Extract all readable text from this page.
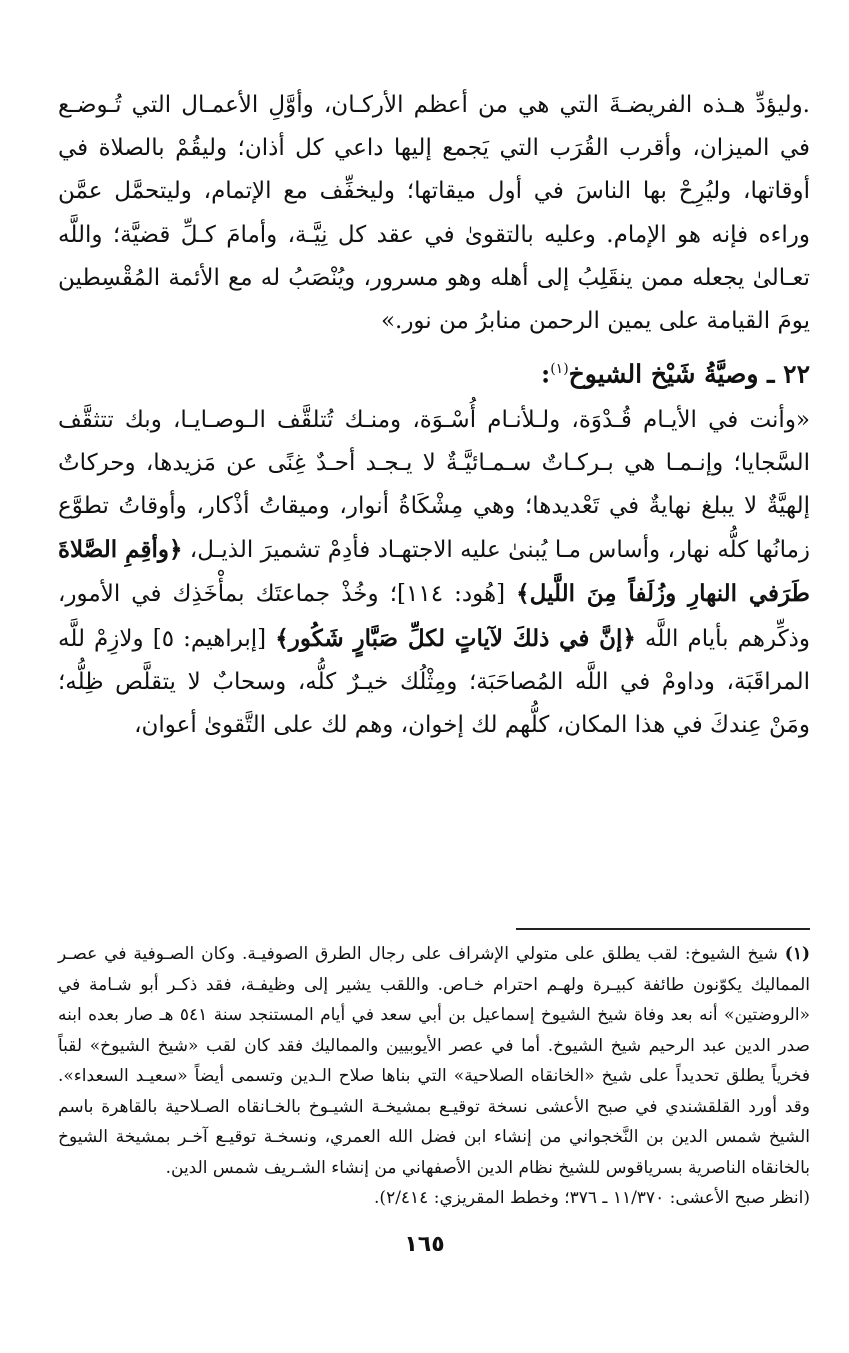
.وليؤدِّ هـذه الفريضـةَ التي هي من أعظم الأركـان، وأوَّلِ الأعمـال التي تُـوضـع في الميزان، وأقرب القُرَب التي يَجمع إليها داعي كل أذان؛ وليقُمْ بالصلاة في أوقاتها، وليُرِحْ بها الناسَ في أول ميقاتها؛ وليخفِّف مع الإتمام، وليتحمَّل عمَّن وراءه فإنه هو الإمام. وعليه بالتقوىٰ في عقد كل نِيَّـة، وأمامَ كـلِّ قضيَّة؛ واللَّه تعـالىٰ يجعله ممن ينقَلِبُ إلى أهله وهو مسرور، ويُنْصَبُ له مع الأئمة المُقْسِطين يومَ القيامة على يمين الرحمن منابرُ من نور.»

٢٢ ـ وصيَّةُ شَيْخ الشيوخ$^{(١)}$:

«وأنت في الأيـام قُـدْوَة، ولـلأنـام أُسْـوَة، ومنـك تُتلقَّف الـوصـايـا، وبك تتثقَّف السَّجايا؛ وإنـمـا هي بـركـاتٌ سـمـائيَّـةٌ لا يـجـد أحـدٌ غِنًى عن مَزيدها، وحركاتٌ إلهيَّةٌ لا يبلغ نهايةٌ في تَعْديدها؛ وهي مِشْكَاةُ أنوار، وميقاتُ أذْكار، وأوقاتُ تطوَّع زمانُها كلُّه نهار، وأساس مـا يُبنىٰ عليه الاجتهـاد فأدِمْ تشميرَ الذيـل، ﴿وأقِمِ الصَّلاةَ طَرَفي النهارِ وزُلَفاً مِنَ اللَّيل﴾ [هُود: ١١٤]؛ وخُذْ جماعتَك بمأْخَذِك في الأمور، وذكِّرهم بأيام اللَّه ﴿إنَّ في ذلكَ لآياتٍ لكلِّ صَبَّارٍ شَكُور﴾ [إبراهيم: ٥] ولازِمْ للَّه المراقَبَة، وداومْ في اللَّه المُصاحَبَة؛ ومِثْلُك خيـرٌ كلُّه، وسحابٌ لا يتقلَّص ظِلُّه؛ ومَنْ عِندكَ في هذا المكان، كلُّهم لك إخوان، وهم لك على التَّقوىٰ أعوان،

(١) شيخ الشيوخ: لقب يطلق على متولي الإشراف على رجال الطرق الصوفيـة. وكان الصـوفية في عصـر المماليك يكوّنون طائفة كبيـرة ولهـم احترام خـاص. واللقب يشير إلى وظيفـة، فقد ذكـر أبو شـامة في «الروضتين» أنه بعد وفاة شيخ الشيوخ إسماعيل بن أبي سعد في أيام المستنجد سنة ٥٤١ هـ صار بعده ابنه صدر الدين عبد الرحيم شيخ الشيوخ. أما في عصر الأيوبيين والمماليك فقد كان لقب «شيخ الشيوخ» لقباً فخرياً يطلق تحديداً على شيخ «الخانقاه الصلاحية» التي بناها صلاح الـدين وتسمى أيضاً «سعيـد السعداء». وقد أورد القلقشندي في صبح الأعشى نسخة توقيـع بمشيخـة الشيـوخ بالخـانقاه الصـلاحية بالقاهرة باسم الشيخ شمس الدين بن النَّخجواني من إنشاء ابن فضل الله العمري، ونسخـة توقيـع آخـر بمشيخة الشيوخ بالخانقاه الناصرية بسرياقوس للشيخ نظام الدين الأصفهاني من إنشاء الشـريف شمس الدين.

(انظر صبح الأعشى: ١١/٣٧٠ ـ ٣٧٦؛ وخطط المقريزي: ٢/٤١٤).

١٦٥
